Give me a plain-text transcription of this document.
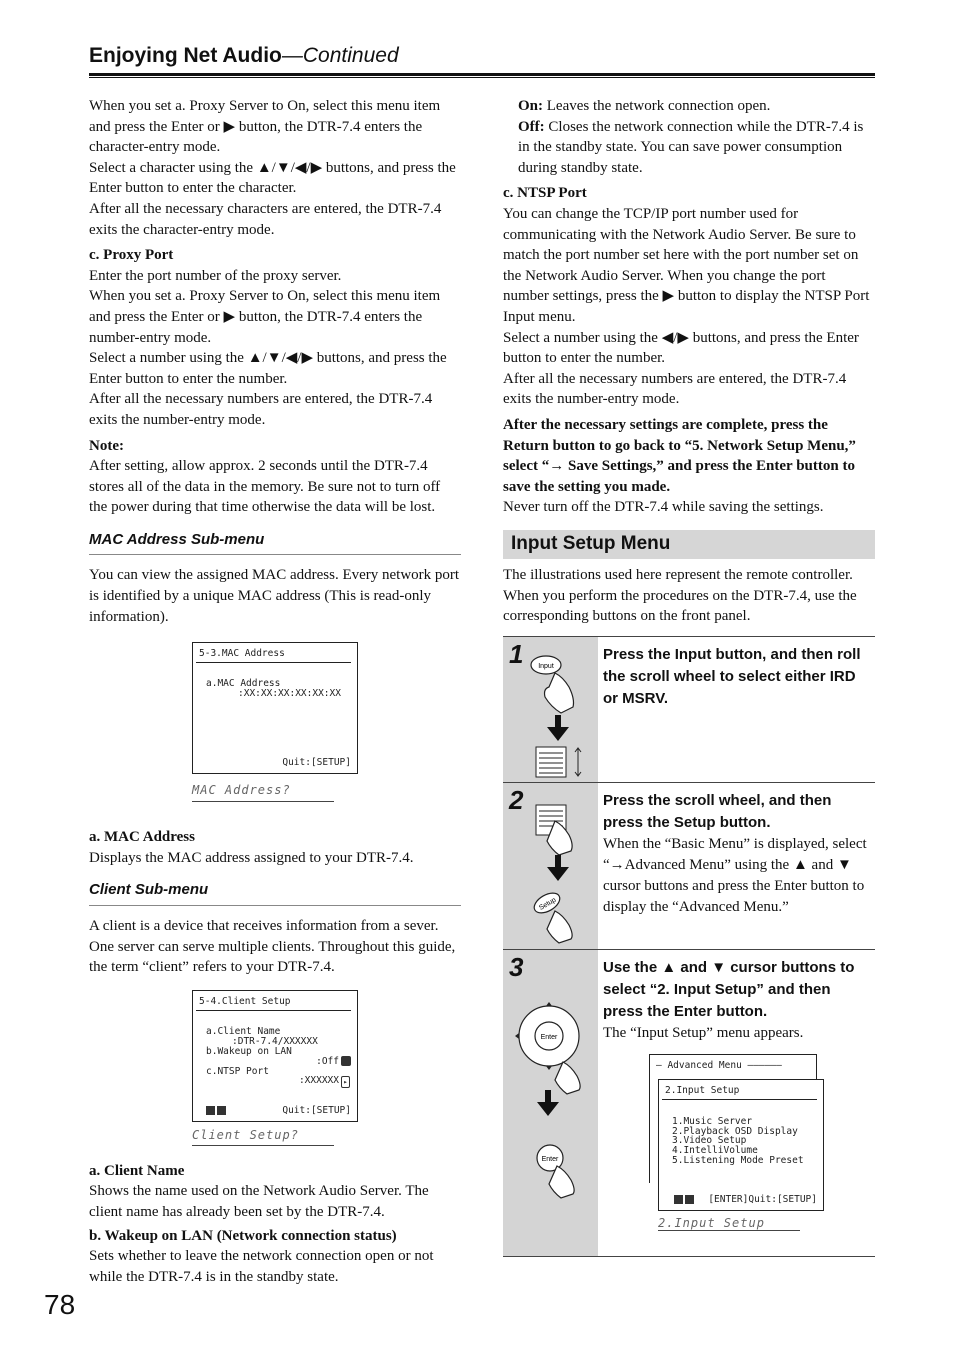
Enjoying Net Audio—Continued

When you set a. Proxy Server to On, select this menu item and press the Enter or ▶ button, the DTR-7.4 enters the character-entry mode.

Select a character using the ▲/▼/◀/▶ buttons, and press the Enter button to enter the character.

After all the necessary characters are entered, the DTR-7.4 exits the character-entry mode.

c. Proxy Port

Enter the port number of the proxy server.

When you set a. Proxy Server to On, select this menu item and press the Enter or ▶ button, the DTR-7.4 enters the number-entry mode.

Select a number using the ▲/▼/◀/▶ buttons, and press the Enter button to enter the number.

After all the necessary numbers are entered, the DTR-7.4 exits the number-entry mode.

Note:

After setting, allow approx. 2 seconds until the DTR-7.4 stores all of the data in the memory. Be sure not to turn off the power during that time otherwise the data will be lost.

MAC Address Sub-menu

You can view the assigned MAC address. Every network port is identified by a unique MAC address (This is read-only information).

5-3.MAC Address
a.MAC Address
:XX:XX:XX:XX:XX:XX
Quit:[SETUP]
MAC Address?

a. MAC Address

Displays the MAC address assigned to your DTR-7.4.

Client Sub-menu

A client is a device that receives information from a sever. One server can serve multiple clients. Throughout this guide, the term “client” refers to your DTR-7.4.

5-4.Client Setup
a.Client Name
:DTR-7.4/XXXXXX
b.Wakeup on LAN
:Off
c.NTSP Port
:XXXXXX ▸
Quit:[SETUP]
Client Setup?

a. Client Name

Shows the name used on the Network Audio Server. The client name has already been set by the DTR-7.4.

b. Wakeup on LAN (Network connection status)

Sets whether to leave the network connection open or not while the DTR-7.4 is in the standby state.

On: Leaves the network connection open.

Off: Closes the network connection while the DTR-7.4 is in the standby state. You can save power consumption during standby state.

c. NTSP Port

You can change the TCP/IP port number used for communicating with the Network Audio Server. Be sure to match the port number set here with the port number set on the Network Audio Server. When you change the port number settings, press the ▶ button to display the NTSP Port Input menu.

Select a number using the ◀/▶ buttons, and press the Enter button to enter the number.

After all the necessary numbers are entered, the DTR-7.4 exits the number-entry mode.

After the necessary settings are complete, press the Return button to go back to “5. Network Setup Menu,” select “→ Save Settings,” and press the Enter button to save the setting you made.

Never turn off the DTR-7.4 while saving the settings.

Input Setup Menu

The illustrations used here represent the remote controller. When you perform the procedures on the DTR-7.4, use the corresponding buttons on the front panel.

1 Input
Press the Input button, and then roll the scroll wheel to select either IRD or MSRV.
2
Setup
Press the scroll wheel, and then press the Setup button.
When the “Basic Menu” is displayed, select “→Advanced Menu” using the ▲ and ▼ cursor buttons and press the Enter button to display the “Advanced Menu.”
3
Enter
Enter
Use the ▲ and ▼ cursor buttons to select “2. Input Setup” and then press the Enter button.
The “Input Setup” menu appears.
– Advanced Menu ——————
2.Input Setup
1.Music Server
2.Playback OSD Display
3.Video Setup
4.IntelliVolume
5.Listening Mode Preset
[ENTER]Quit:[SETUP]
2.Input Setup
78
